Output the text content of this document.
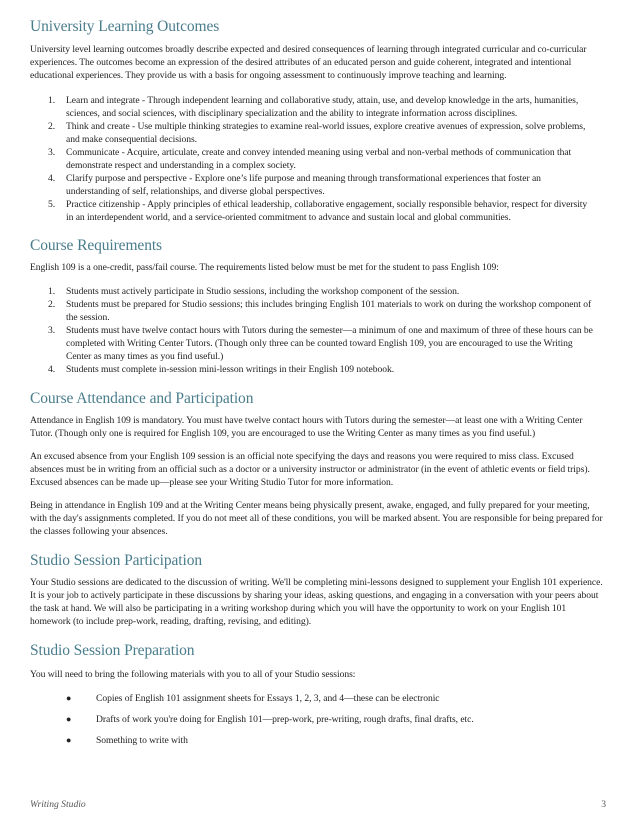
University Learning Outcomes

University level learning outcomes broadly describe expected and desired consequences of learning through integrated curricular and co-curricular experiences. The outcomes become an expression of the desired attributes of an educated person and guide coherent, integrated and intentional educational experiences. They provide us with a basis for ongoing assessment to continuously improve teaching and learning.

1. Learn and integrate - Through independent learning and collaborative study, attain, use, and develop knowledge in the arts, humanities, sciences, and social sciences, with disciplinary specialization and the ability to integrate information across disciplines.
2. Think and create - Use multiple thinking strategies to examine real-world issues, explore creative avenues of expression, solve problems, and make consequential decisions.
3. Communicate - Acquire, articulate, create and convey intended meaning using verbal and non-verbal methods of communication that demonstrate respect and understanding in a complex society.
4. Clarify purpose and perspective - Explore one’s life purpose and meaning through transformational experiences that foster an understanding of self, relationships, and diverse global perspectives.
5. Practice citizenship - Apply principles of ethical leadership, collaborative engagement, socially responsible behavior, respect for diversity in an interdependent world, and a service-oriented commitment to advance and sustain local and global communities.
Course Requirements

English 109 is a one-credit, pass/fail course. The requirements listed below must be met for the student to pass English 109:

1. Students must actively participate in Studio sessions, including the workshop component of the session.
2. Students must be prepared for Studio sessions; this includes bringing English 101 materials to work on during the workshop component of the session.
3. Students must have twelve contact hours with Tutors during the semester—a minimum of one and maximum of three of these hours can be completed with Writing Center Tutors. (Though only three can be counted toward English 109, you are encouraged to use the Writing Center as many times as you find useful.)
4. Students must complete in-session mini-lesson writings in their English 109 notebook.
Course Attendance and Participation

Attendance in English 109 is mandatory. You must have twelve contact hours with Tutors during the semester—at least one with a Writing Center Tutor. (Though only one is required for English 109, you are encouraged to use the Writing Center as many times as you find useful.)

An excused absence from your English 109 session is an official note specifying the days and reasons you were required to miss class. Excused absences must be in writing from an official such as a doctor or a university instructor or administrator (in the event of athletic events or field trips). Excused absences can be made up—please see your Writing Studio Tutor for more information.

Being in attendance in English 109 and at the Writing Center means being physically present, awake, engaged, and fully prepared for your meeting, with the day's assignments completed. If you do not meet all of these conditions, you will be marked absent. You are responsible for being prepared for the classes following your absences.

Studio Session Participation

Your Studio sessions are dedicated to the discussion of writing. We'll be completing mini-lessons designed to supplement your English 101 experience. It is your job to actively participate in these discussions by sharing your ideas, asking questions, and engaging in a conversation with your peers about the task at hand. We will also be participating in a writing workshop during which you will have the opportunity to work on your English 101 homework (to include prep-work, reading, drafting, revising, and editing).

Studio Session Preparation

You will need to bring the following materials with you to all of your Studio sessions:

●	Copies of English 101 assignment sheets for Essays 1, 2, 3, and 4—these can be electronic
●	Drafts of work you're doing for English 101—prep-work, pre-writing, rough drafts, final drafts, etc.
●	Something to write with
Writing Studio	3
